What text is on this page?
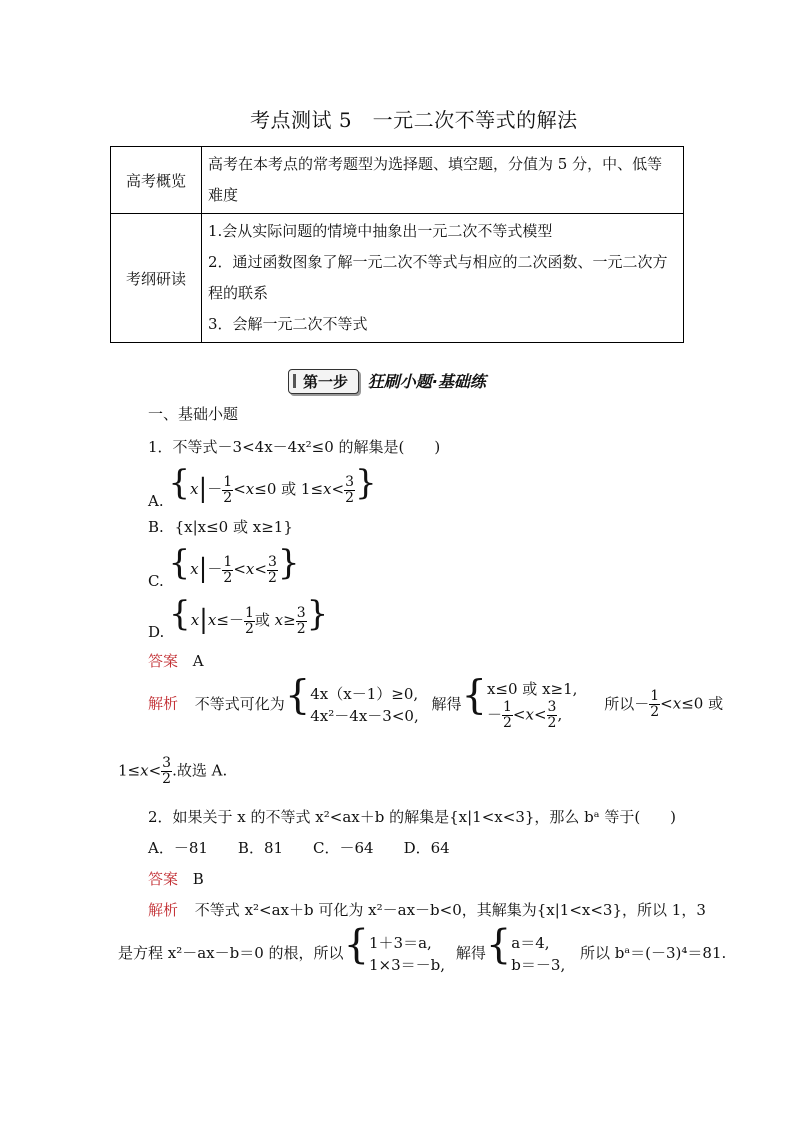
考点测试 5　一元二次不等式的解法
高考概览	高考在本考点的常考题型为选择题、填空题，分值为 5 分，中、低等难度
考纲研读	1.会从实际问题的情境中抽象出一元二次不等式模型
2．通过函数图象了解一元二次不等式与相应的二次函数、一元二次方程的联系
3．会解一元二次不等式
第一步 狂刷小题·基础练
一、基础小题
1．不等式－3<4x－4x²≤0 的解集是(　　)
A. {$x|- \frac{1}{2} <x\le 0$ 或 $1\le x< \frac{3}{2}$ }
B. {x|x≤0 或 x≥1}
C. {$x|- \frac{1}{2} <x< \frac{3}{2}$ }
D. {$x|x\le- \frac{1}{2}$ 或 $x\ge \frac{3}{2}$ }
答案 A
解析 不等式可化为{4x（x－1）≥0,
4x²－4x－3<0, 解得{x≤0 或 x≥1,
－ $\frac{1}{2} <x< \frac{3}{2}$ , 所以－ $\frac{1}{2} <x\le 0$ 或
$1\le x< \frac{3}{2}$ .故选 A.
2．如果关于 x 的不等式 x²<ax＋b 的解集是{x|1<x<3}，那么 bᵃ 等于(　　)
A．－81　　B．81　　C．－64　　D．64
答案 B
解析 不等式 x²<ax＋b 可化为 x²－ax－b<0，其解集为{x|1<x<3}，所以 1，3
是方程 x²－ax－b＝0 的根，所以{1＋3＝a,
1×3＝－b, 解得{a＝4,
b＝－3, 所以 bᵃ＝(－3)⁴＝81.
